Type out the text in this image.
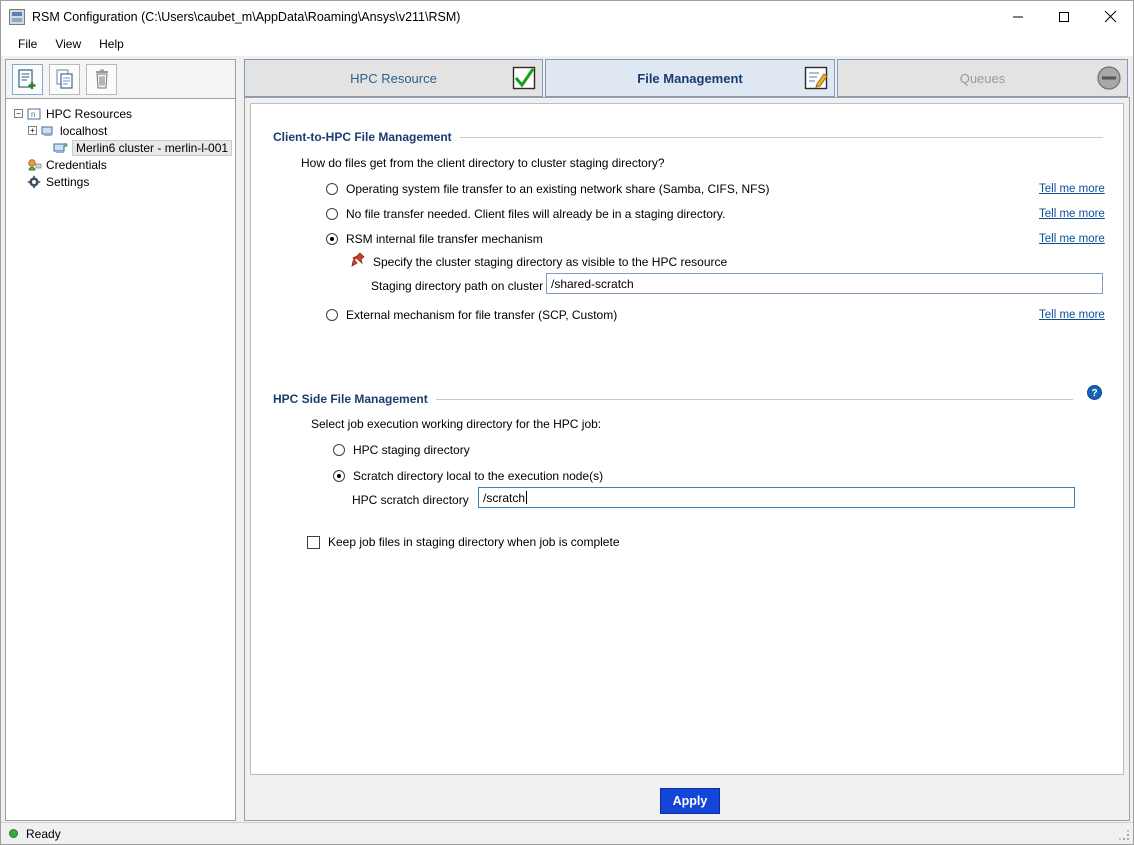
RSM Configuration (C:\Users\caubet_m\AppData\Roaming\Ansys\v211\RSM)
File	View	Help
− n HPC Resources
+ localhost
Merlin6 cluster - merlin-l-001
Credentials
Settings
HPC Resource	File Management	Queues
Client-to-HPC File Management
How do files get from the client directory to cluster staging directory?
Operating system file transfer to an existing network share (Samba, CIFS, NFS)	Tell me more
No file transfer needed. Client files will already be in a staging directory.	Tell me more
RSM internal file transfer mechanism	Tell me more
Specify the cluster staging directory as visible to the HPC resource
Staging directory path on cluster /shared-scratch
External mechanism for file transfer (SCP, Custom)	Tell me more
HPC Side File Management	?
Select job execution working directory for the HPC job:
HPC staging directory
Scratch directory local to the execution node(s)
HPC scratch directory /scratch
Keep job files in staging directory when job is complete
Apply
Ready
